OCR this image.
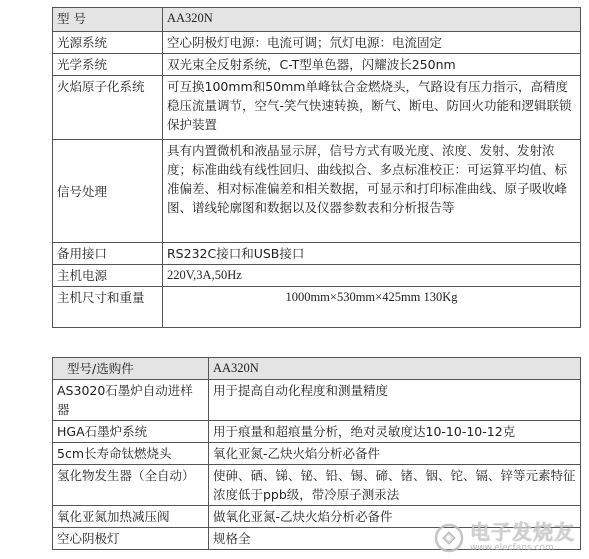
型 号	AA320N
光源系统	空心阴极灯电源：电流可调；氘灯电源：电流固定
光学系统	双光束全反射系统，C-T型单色器，闪耀波长250nm
火焰原子化系统	可互换100mm和50mm单峰钛合金燃烧头，气路设有压力指示，高精度稳压流量调节，空气-笑气快速转换，断气、断电、防回火功能和逻辑联锁保护装置
信号处理	具有内置微机和液晶显示屏，信号方式有吸光度、浓度、发射、发射浓度；标准曲线有线性回归、曲线拟合、多点标准校正：可运算平均值、标准偏差、相对标准偏差和相关数据，可显示和打印标准曲线、原子吸收峰图、谱线轮廓图和数据以及仪器参数表和分析报告等
备用接口	RS232C接口和USB接口
主机电源	220V,3A,50Hz
主机尺寸和重量	1000mm×530mm×425mm 130Kg
型号/选购件	AA320N
AS3020石墨炉自动进样器	用于提高自动化程度和测量精度
HGA石墨炉系统	用于痕量和超痕量分析，绝对灵敏度达10-10-10-12克
5cm长寿命钛燃烧头	氧化亚氮-乙炔火焰分析必备件
氢化物发生器（全自动）	使砷、硒、锑、铋、铅、锡、碲、锗、铟、铊、镉、锌等元素特征浓度低于ppb级，带冷原子测汞法
氧化亚氮加热减压阀	做氧化亚氮-乙炔火焰分析必备件
空心阴极灯	规格全	电子发烧友
www.elecfans.com
